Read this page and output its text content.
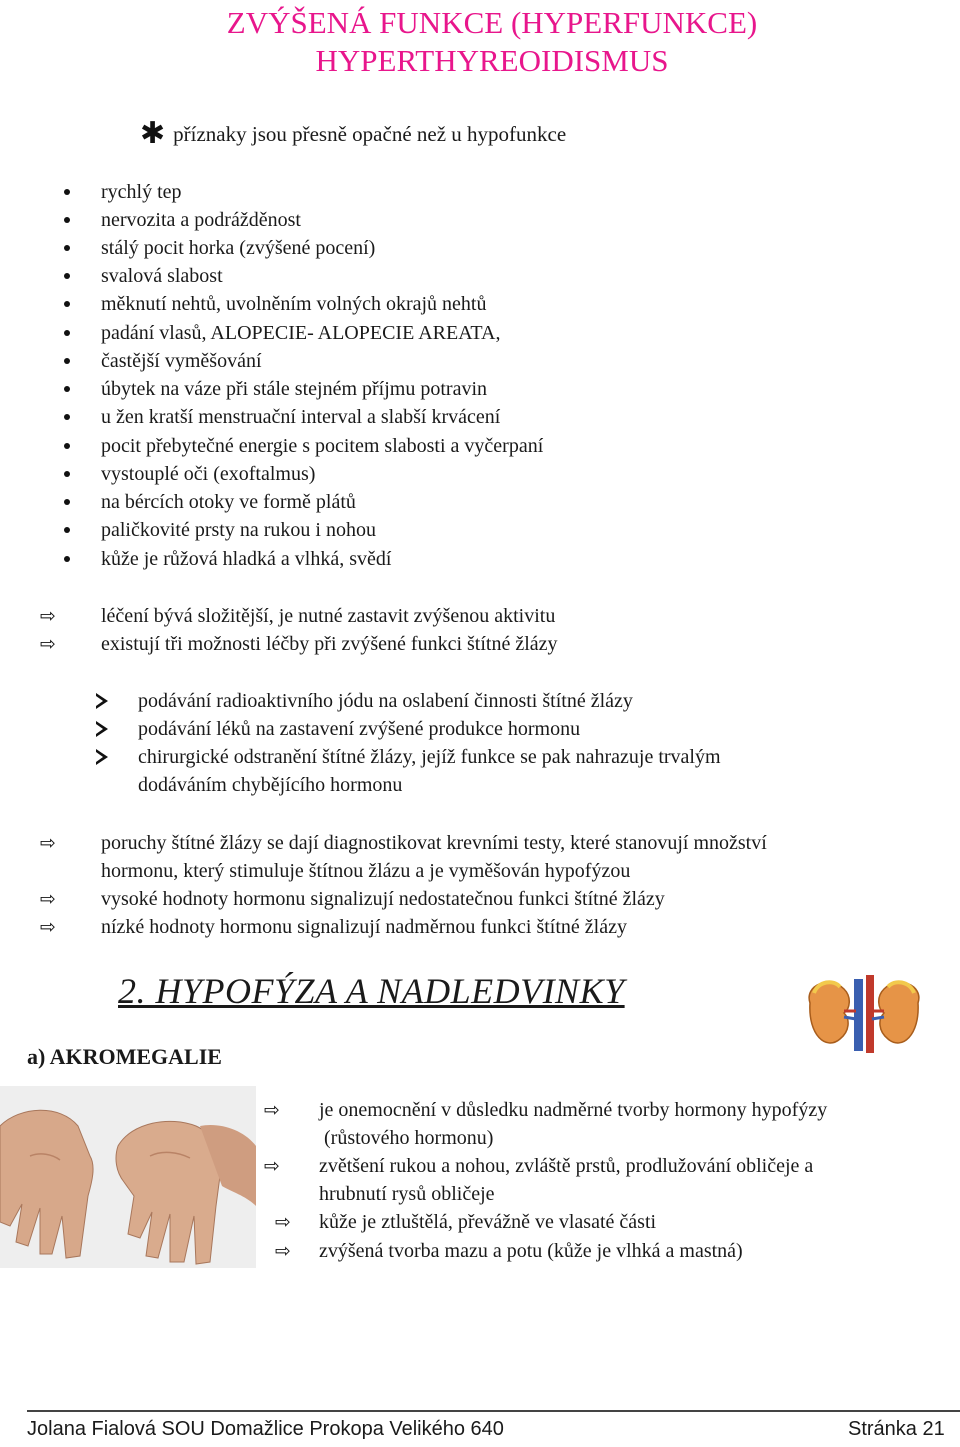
ZVÝŠENÁ FUNKCE (HYPERFUNKCE)
HYPERTHYREOIDISMUS
✱ příznaky jsou přesně opačné než u hypofunkce
rychlý tep
nervozita a podrážděnost
stálý pocit horka (zvýšené pocení)
svalová slabost
měknutí nehtů, uvolněním volných okrajů nehtů
padání vlasů, ALOPECIE- ALOPECIE AREATA,
častější vyměšování
úbytek na váze při stále stejném příjmu potravin
u žen kratší menstruační interval a slabší krvácení
pocit přebytečné energie s pocitem slabosti a vyčerpaní
vystouplé oči (exoftalmus)
na bércích otoky ve formě plátů
paličkovité prsty na rukou i nohou
kůže je růžová hladká a vlhká, svědí
⇨ léčení bývá složitější, je nutné zastavit zvýšenou aktivitu
⇨ existují tři možnosti léčby při zvýšené funkci štítné žlázy
podávání radioaktivního jódu na oslabení činnosti štítné žlázy
podávání léků na zastavení zvýšené produkce hormonu
chirurgické odstranění štítné žlázy, jejíž funkce se pak nahrazuje trvalým
dodáváním chybějícího hormonu
⇨ poruchy štítné žlázy se dají diagnostikovat krevními testy, které stanovují množství
hormonu, který stimuluje štítnou žlázu a je vyměšován hypofýzou
⇨ vysoké hodnoty hormonu signalizují nedostatečnou funkci štítné žlázy
⇨ nízké hodnoty hormonu signalizují nadměrnou funkci štítné žlázy
2. HYPOFÝZA A NADLEDVINKY
a) AKROMEGALIE
⇨ je onemocnění v důsledku nadměrné tvorby hormony hypofýzy
(růstového hormonu)
⇨ zvětšení rukou a nohou, zvláště prstů, prodlužování obličeje a
hrubnutí rysů obličeje
⇨ kůže je ztluštělá, převážně ve vlasaté části
⇨ zvýšená tvorba mazu a potu (kůže je vlhká a mastná)
Jolana Fialová SOU Domažlice Prokopa Velikého 640	Stránka 21
